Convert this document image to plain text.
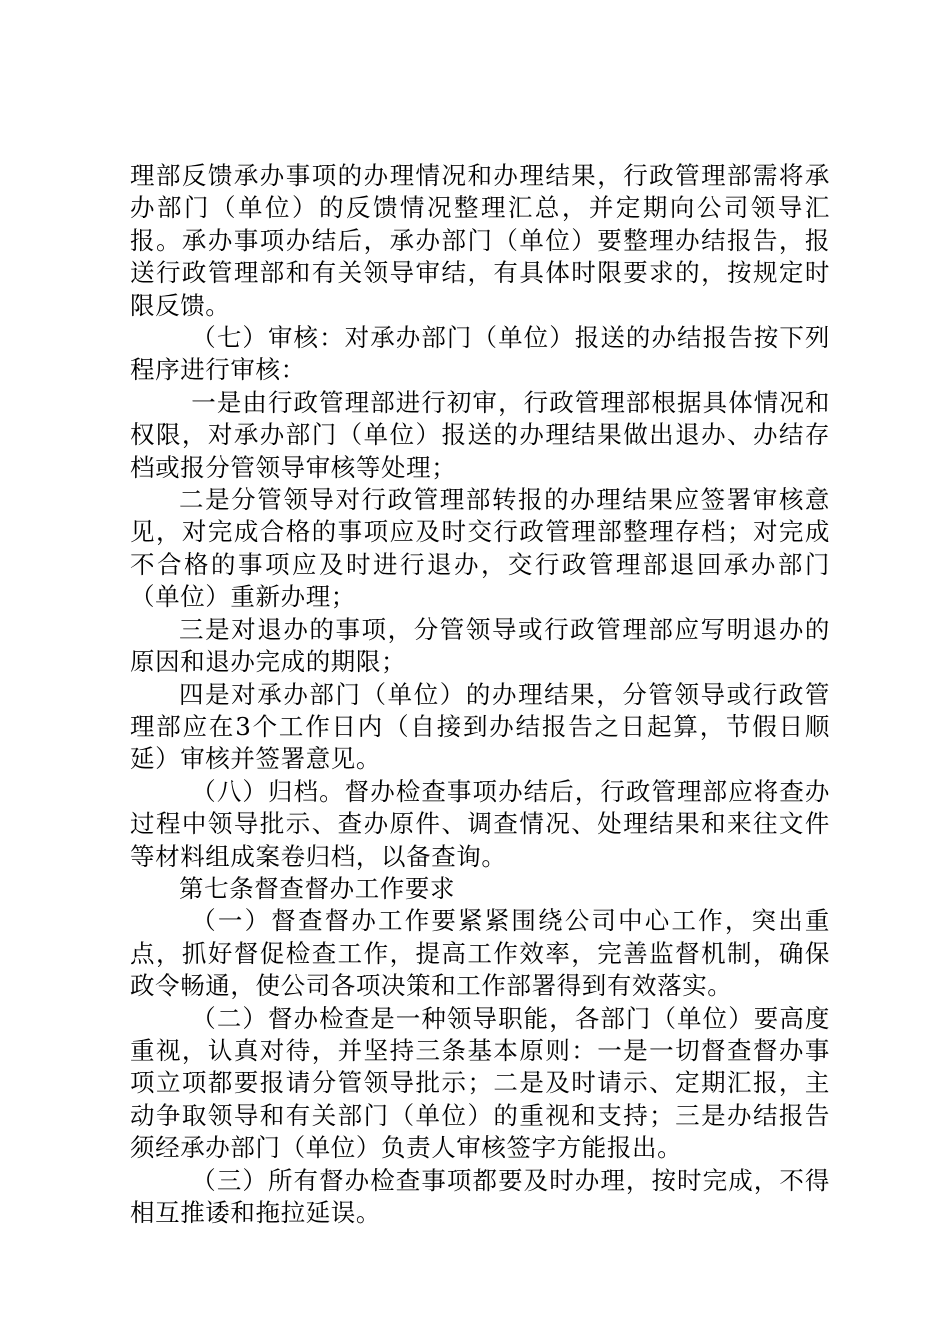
理部反馈承办事项的办理情况和办理结果，行政管理部需将承办部门（单位）的反馈情况整理汇总，并定期向公司领导汇报。承办事项办结后，承办部门（单位）要整理办结报告，报送行政管理部和有关领导审结，有具体时限要求的，按规定时限反馈。

（七）审核：对承办部门（单位）报送的办结报告按下列程序进行审核：

一是由行政管理部进行初审，行政管理部根据具体情况和权限，对承办部门（单位）报送的办理结果做出退办、办结存档或报分管领导审核等处理；

二是分管领导对行政管理部转报的办理结果应签署审核意见，对完成合格的事项应及时交行政管理部整理存档；对完成不合格的事项应及时进行退办，交行政管理部退回承办部门（单位）重新办理；

三是对退办的事项，分管领导或行政管理部应写明退办的原因和退办完成的期限；

四是对承办部门（单位）的办理结果，分管领导或行政管理部应在3个工作日内（自接到办结报告之日起算，节假日顺延）审核并签署意见。

（八）归档。督办检查事项办结后，行政管理部应将查办过程中领导批示、查办原件、调查情况、处理结果和来往文件等材料组成案卷归档，以备查询。

第七条督查督办工作要求

（一）督查督办工作要紧紧围绕公司中心工作，突出重点，抓好督促检查工作，提高工作效率，完善监督机制，确保政令畅通，使公司各项决策和工作部署得到有效落实。

（二）督办检查是一种领导职能，各部门（单位）要高度重视，认真对待，并坚持三条基本原则：一是一切督查督办事项立项都要报请分管领导批示；二是及时请示、定期汇报，主动争取领导和有关部门（单位）的重视和支持；三是办结报告须经承办部门（单位）负责人审核签字方能报出。

（三）所有督办检查事项都要及时办理，按时完成，不得相互推诿和拖拉延误。
